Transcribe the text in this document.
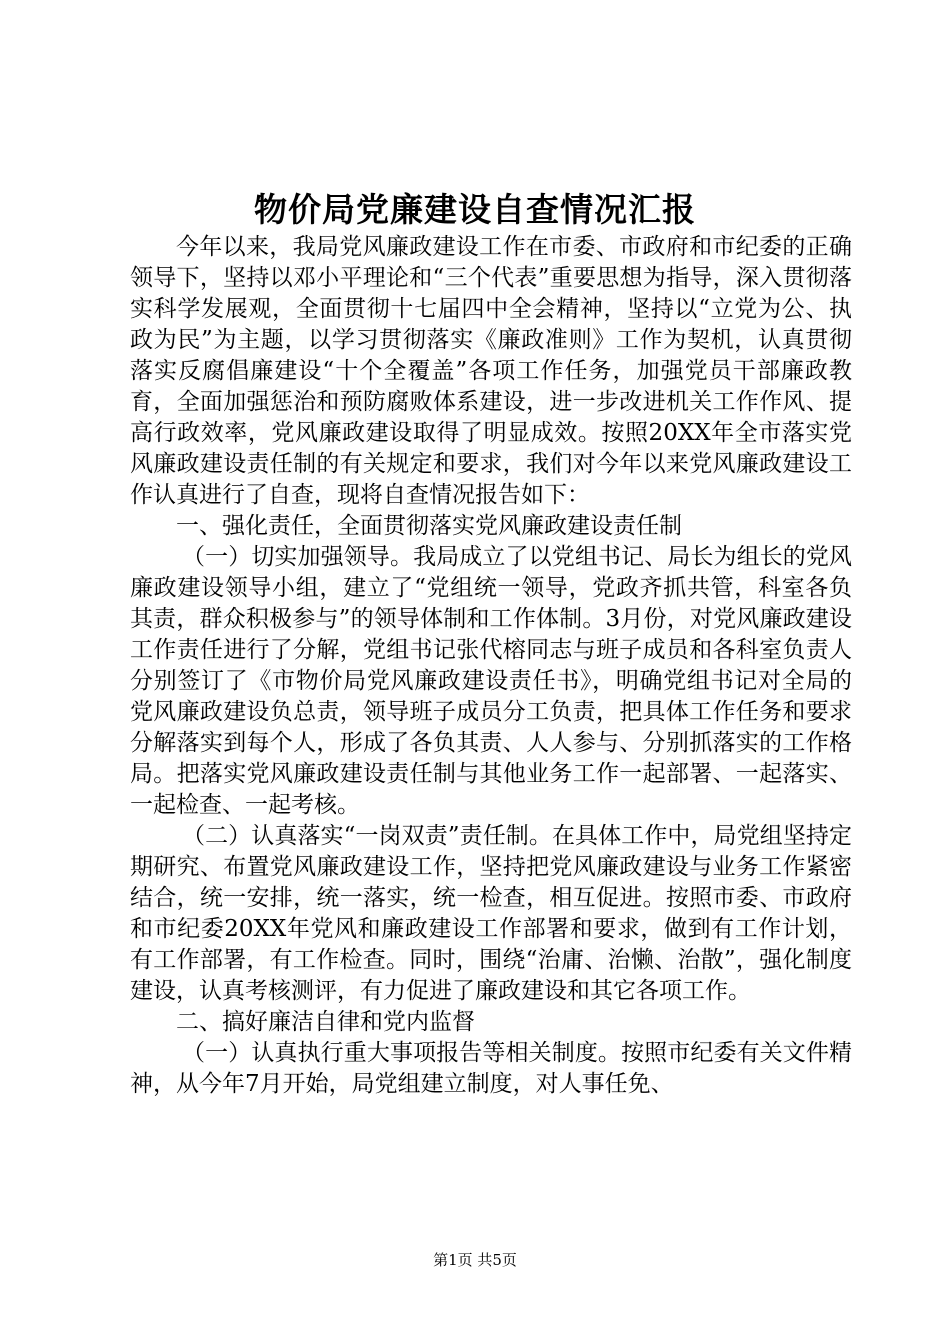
物价局党廉建设自查情况汇报

今年以来，我局党风廉政建设工作在市委、市政府和市纪委的正确领导下，坚持以邓小平理论和“三个代表”重要思想为指导，深入贯彻落实科学发展观，全面贯彻十七届四中全会精神，坚持以“立党为公、执政为民”为主题，以学习贯彻落实《廉政准则》工作为契机，认真贯彻落实反腐倡廉建设“十个全覆盖”各项工作任务，加强党员干部廉政教育，全面加强惩治和预防腐败体系建设，进一步改进机关工作作风、提高行政效率，党风廉政建设取得了明显成效。按照20XX年全市落实党风廉政建设责任制的有关规定和要求，我们对今年以来党风廉政建设工作认真进行了自查，现将自查情况报告如下：

一、强化责任，全面贯彻落实党风廉政建设责任制

（一）切实加强领导。我局成立了以党组书记、局长为组长的党风廉政建设领导小组，建立了“党组统一领导，党政齐抓共管，科室各负其责，群众积极参与”的领导体制和工作体制。3月份，对党风廉政建设工作责任进行了分解，党组书记张代榕同志与班子成员和各科室负责人分别签订了《市物价局党风廉政建设责任书》，明确党组书记对全局的党风廉政建设负总责，领导班子成员分工负责，把具体工作任务和要求分解落实到每个人，形成了各负其责、人人参与、分别抓落实的工作格局。把落实党风廉政建设责任制与其他业务工作一起部署、一起落实、一起检查、一起考核。

（二）认真落实“一岗双责”责任制。在具体工作中，局党组坚持定期研究、布置党风廉政建设工作，坚持把党风廉政建设与业务工作紧密结合，统一安排，统一落实，统一检查，相互促进。按照市委、市政府和市纪委20XX年党风和廉政建设工作部署和要求，做到有工作计划，有工作部署，有工作检查。同时，围绕“治庸、治懒、治散”，强化制度建设，认真考核测评，有力促进了廉政建设和其它各项工作。

二、搞好廉洁自律和党内监督

（一）认真执行重大事项报告等相关制度。按照市纪委有关文件精神，从今年7月开始，局党组建立制度，对人事任免、

第1页 共5页
